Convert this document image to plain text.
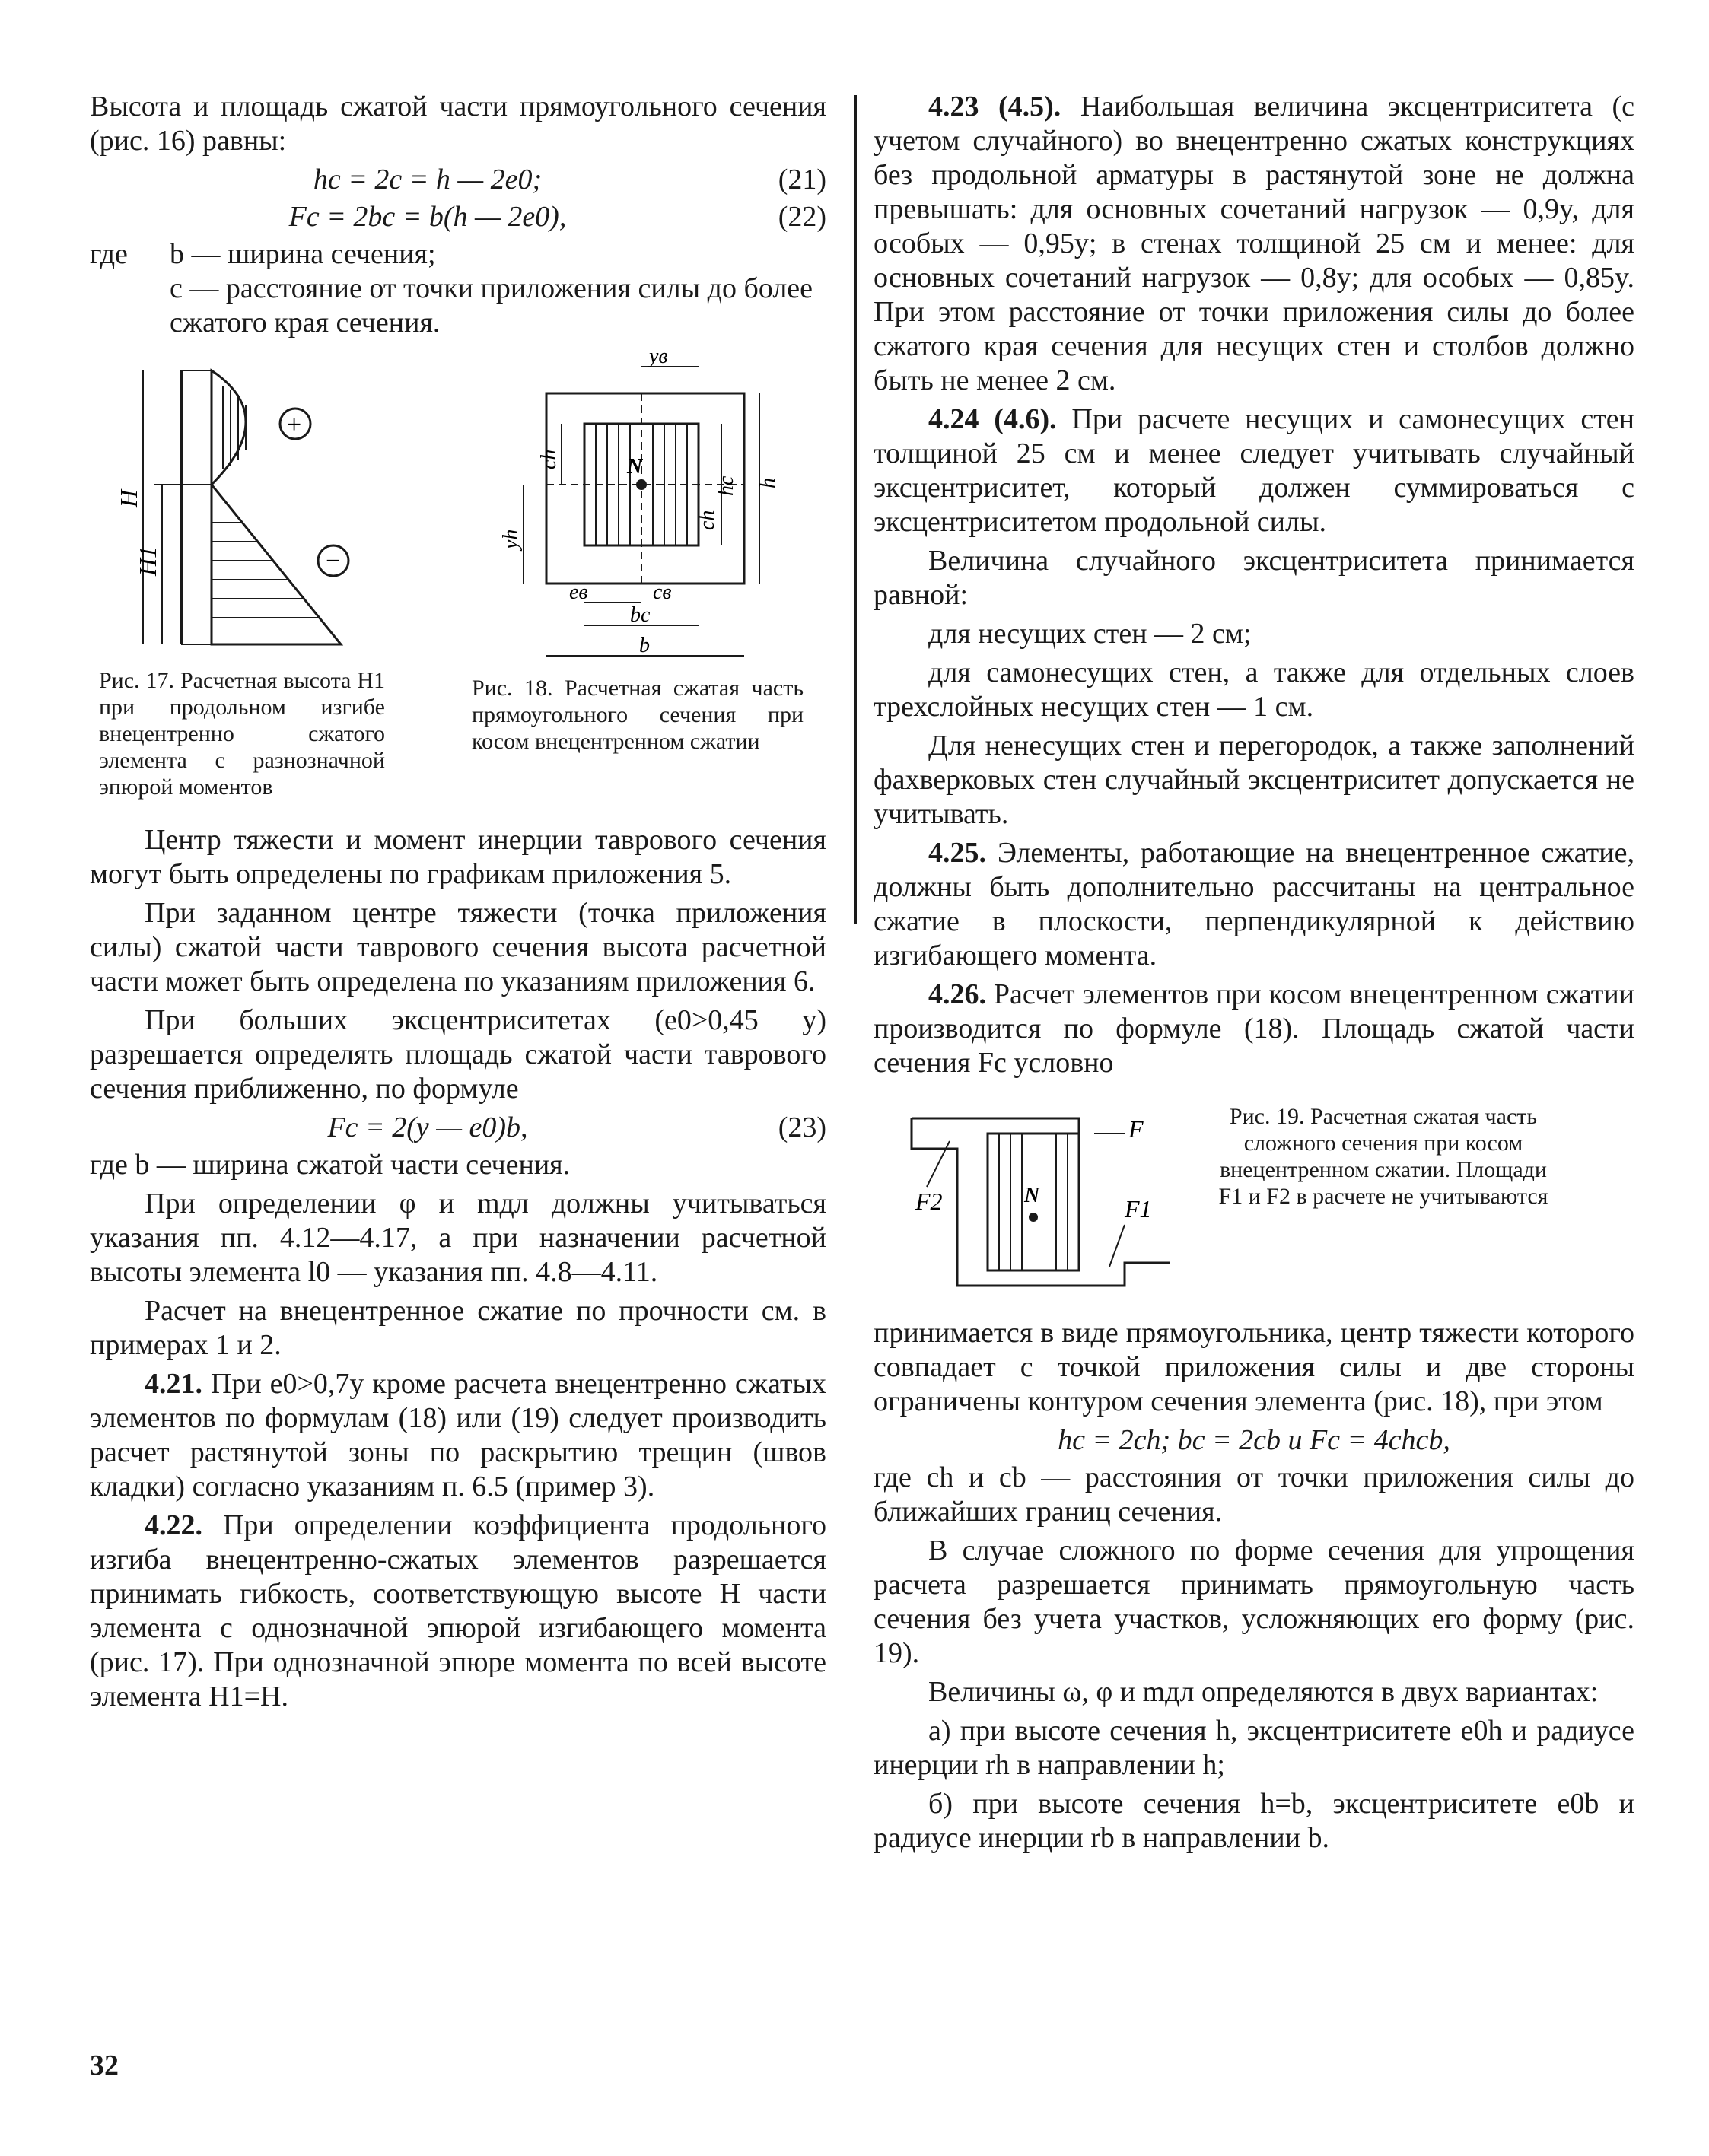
Высота и площадь сжатой части прямоугольного сечения (рис. 16) равны:

hc = 2c = h — 2e0;	(21)
Fc = 2bc = b(h — 2e0),	(22)
где	b — ширина сечения;
c — расстояние от точки приложения силы до более сжатого края сечения.
H
H1
+
−
Рис. 17. Расчетная высота H1 при продольном изгибе внецентренно сжатого элемента с разнозначной эпюрой моментов
N
yв
hc h
ch
yh
ch
eв	cв
bc
b
Рис. 18. Расчетная сжатая часть прямоугольного сечения при косом внецентренном сжатии

Центр тяжести и момент инерции таврового сечения могут быть определены по графикам приложения 5.

При заданном центре тяжести (точка приложения силы) сжатой части таврового сечения высота расчетной части может быть определена по указаниям приложения 6.

При больших эксцентриситетах (e0>0,45 y) разрешается определять площадь сжатой части таврового сечения приближенно, по формуле

Fc = 2(y — e0)b,	(23)

где b — ширина сжатой части сечения.

При определении φ и mдл должны учитываться указания пп. 4.12—4.17, а при назначении расчетной высоты элемента l0 — указания пп. 4.8—4.11.

Расчет на внецентренное сжатие по прочности см. в примерах 1 и 2.

4.21. При e0>0,7y кроме расчета внецентренно сжатых элементов по формулам (18) или (19) следует производить расчет растянутой зоны по раскрытию трещин (швов кладки) согласно указаниям п. 6.5 (пример 3).

4.22. При определении коэффициента продольного изгиба внецентренно-сжатых элементов разрешается принимать гибкость, соответствующую высоте H части элемента с однозначной эпюрой изгибающего момента (рис. 17). При однозначной эпюре момента по всей высоте элемента H1=H.

4.23 (4.5). Наибольшая величина эксцентриситета (с учетом случайного) во внецентренно сжатых конструкциях без продольной арматуры в растянутой зоне не должна превышать: для основных сочетаний нагрузок — 0,9y, для особых — 0,95y; в стенах толщиной 25 см и менее: для основных сочетаний нагрузок — 0,8y; для особых — 0,85y. При этом расстояние от точки приложения силы до более сжатого края сечения для несущих стен и столбов должно быть не менее 2 см.

4.24 (4.6). При расчете несущих и самонесущих стен толщиной 25 см и менее следует учитывать случайный эксцентриситет, который должен суммироваться с эксцентриситетом продольной силы.

Величина случайного эксцентриситета принимается равной:

для несущих стен — 2 см;

для самонесущих стен, а также для отдельных слоев трехслойных несущих стен — 1 см.

Для ненесущих стен и перегородок, а также заполнений фахверковых стен случайный эксцентриситет допускается не учитывать.

4.25. Элементы, работающие на внецентренное сжатие, должны быть дополнительно рассчитаны на центральное сжатие в плоскости, перпендикулярной к действию изгибающего момента.

4.26. Расчет элементов при косом внецентренном сжатии производится по формуле (18). Площадь сжатой части сечения Fc условно

N
F2
F
F1
Рис. 19. Расчетная сжатая часть сложного сечения при косом внецентренном сжатии. Площади F1 и F2 в расчете не учитываются

принимается в виде прямоугольника, центр тяжести которого совпадает с точкой приложения силы и две стороны ограничены контуром сечения элемента (рис. 18), при этом

hc = 2ch; bc = 2cb и Fc = 4chcb,

где ch и cb — расстояния от точки приложения силы до ближайших границ сечения.

В случае сложного по форме сечения для упрощения расчета разрешается принимать прямоугольную часть сечения без учета участков, усложняющих его форму (рис. 19).

Величины ω, φ и mдл определяются в двух вариантах:

а) при высоте сечения h, эксцентриситете e0h и радиусе инерции rh в направлении h;

б) при высоте сечения h=b, эксцентриситете e0b и радиусе инерции rb в направлении b.

32
